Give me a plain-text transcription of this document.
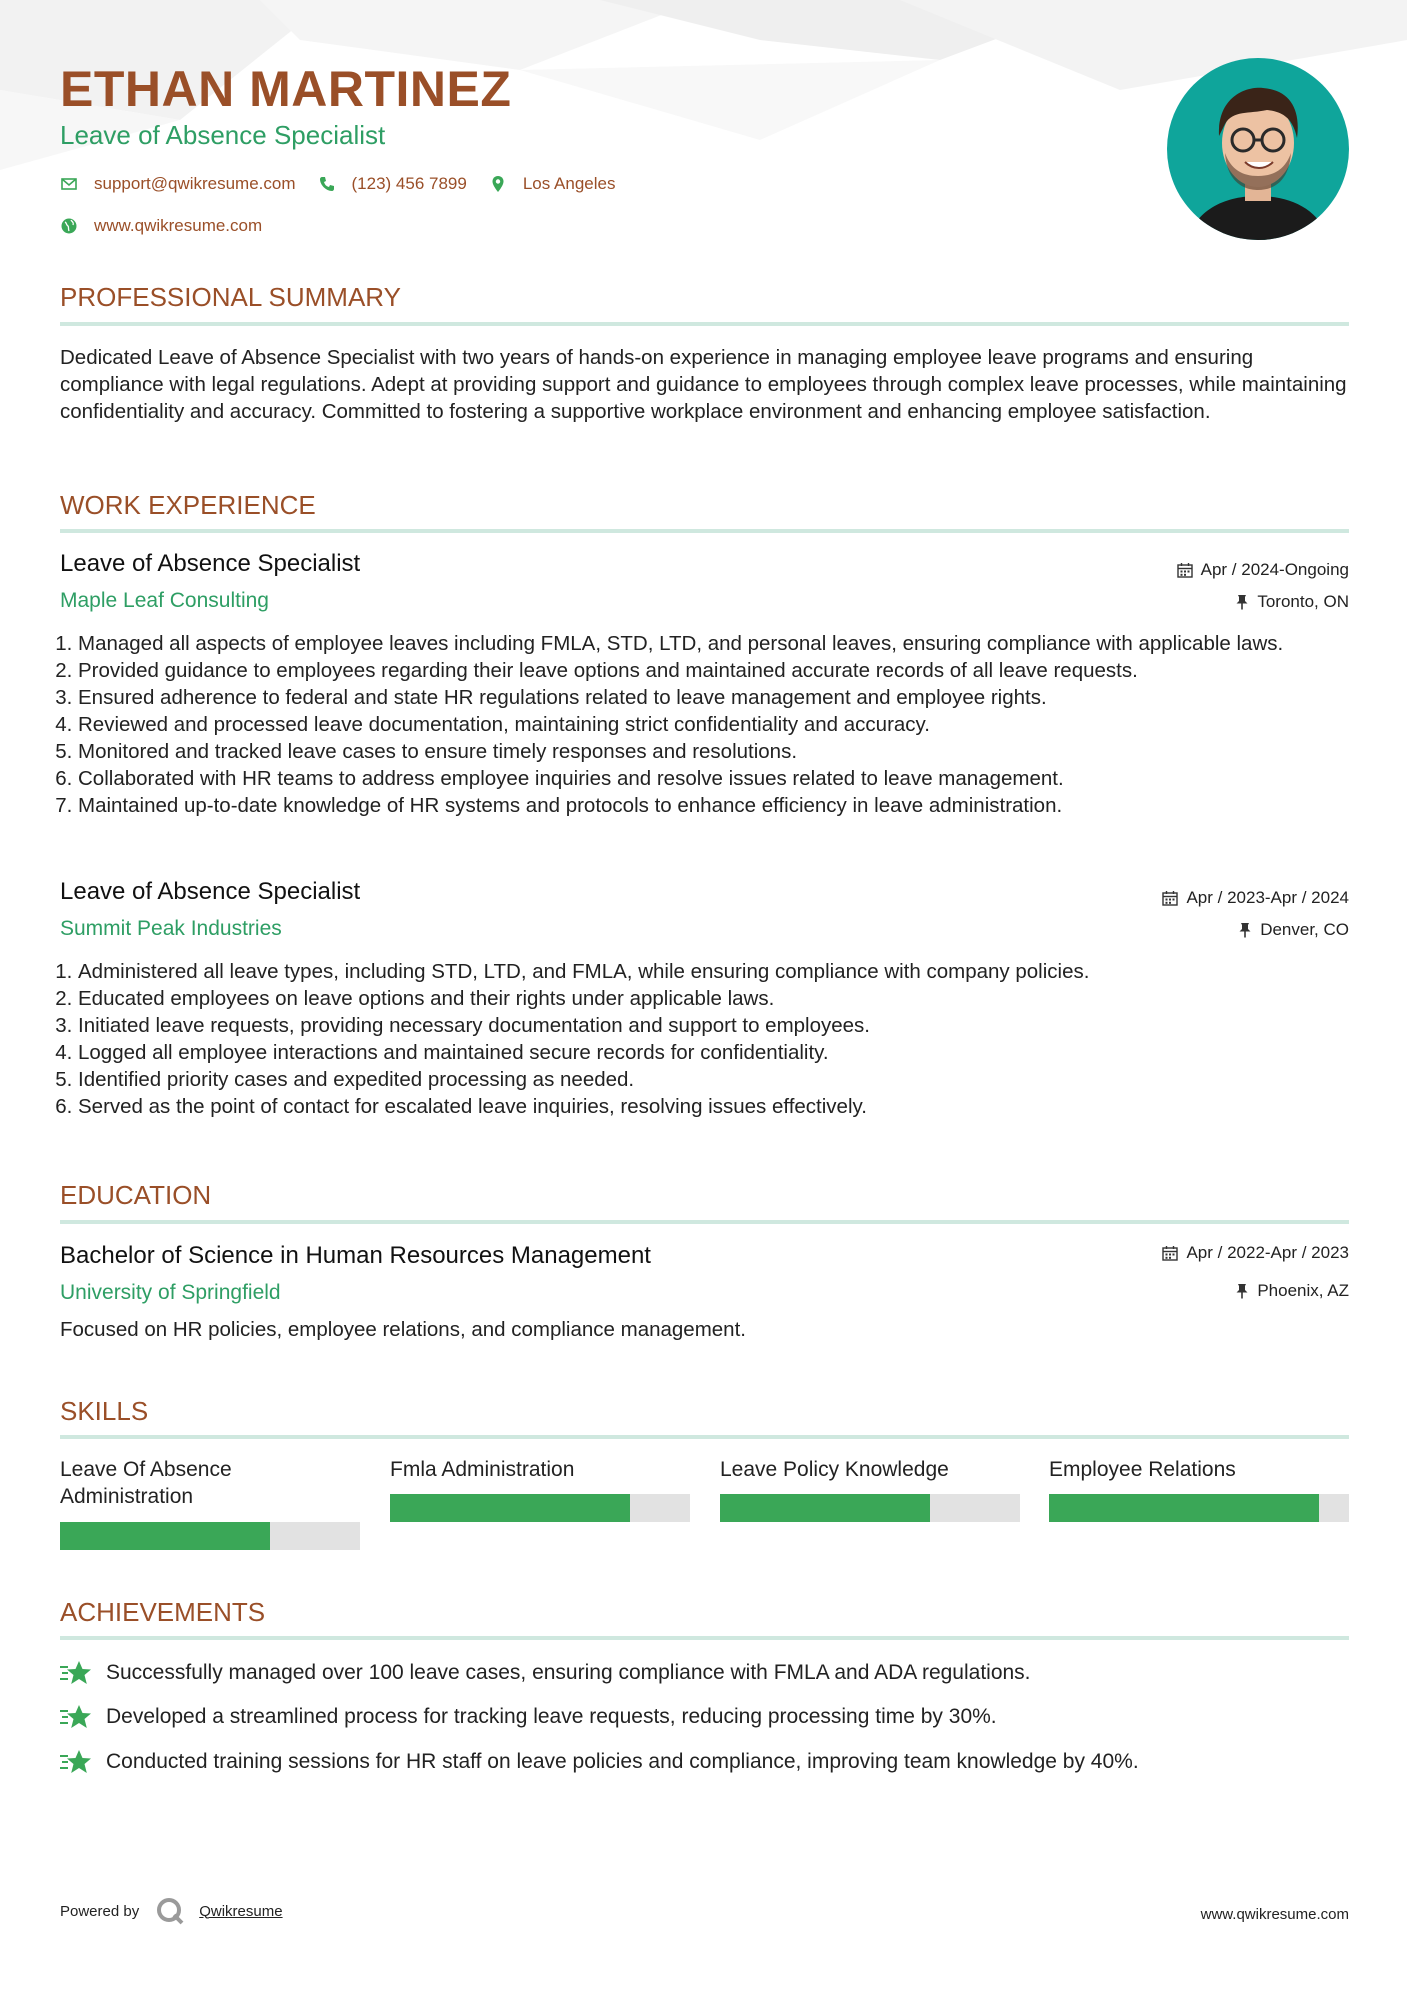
ETHAN MARTINEZ
Leave of Absence Specialist
support@qwikresume.com	(123) 456 7899	Los Angeles
www.qwikresume.com
PROFESSIONAL SUMMARY
Dedicated Leave of Absence Specialist with two years of hands-on experience in managing employee leave programs and ensuring compliance with legal regulations. Adept at providing support and guidance to employees through complex leave processes, while maintaining confidentiality and accuracy. Committed to fostering a supportive workplace environment and enhancing employee satisfaction.
WORK EXPERIENCE
Leave of Absence Specialist
Maple Leaf Consulting
Apr / 2024-Ongoing
Toronto, ON
1. Managed all aspects of employee leaves including FMLA, STD, LTD, and personal leaves, ensuring compliance with applicable laws.
2. Provided guidance to employees regarding their leave options and maintained accurate records of all leave requests.
3. Ensured adherence to federal and state HR regulations related to leave management and employee rights.
4. Reviewed and processed leave documentation, maintaining strict confidentiality and accuracy.
5. Monitored and tracked leave cases to ensure timely responses and resolutions.
6. Collaborated with HR teams to address employee inquiries and resolve issues related to leave management.
7. Maintained up-to-date knowledge of HR systems and protocols to enhance efficiency in leave administration.
Leave of Absence Specialist
Summit Peak Industries
Apr / 2023-Apr / 2024
Denver, CO
1. Administered all leave types, including STD, LTD, and FMLA, while ensuring compliance with company policies.
2. Educated employees on leave options and their rights under applicable laws.
3. Initiated leave requests, providing necessary documentation and support to employees.
4. Logged all employee interactions and maintained secure records for confidentiality.
5. Identified priority cases and expedited processing as needed.
6. Served as the point of contact for escalated leave inquiries, resolving issues effectively.
EDUCATION
Bachelor of Science in Human Resources Management
University of Springfield
Apr / 2022-Apr / 2023
Phoenix, AZ
Focused on HR policies, employee relations, and compliance management.
SKILLS
Leave Of Absence Administration
Fmla Administration	Leave Policy Knowledge	Employee Relations
ACHIEVEMENTS
Successfully managed over 100 leave cases, ensuring compliance with FMLA and ADA regulations.
Developed a streamlined process for tracking leave requests, reducing processing time by 30%.
Conducted training sessions for HR staff on leave policies and compliance, improving team knowledge by 40%.
Powered by	Qwikresume	www.qwikresume.com
